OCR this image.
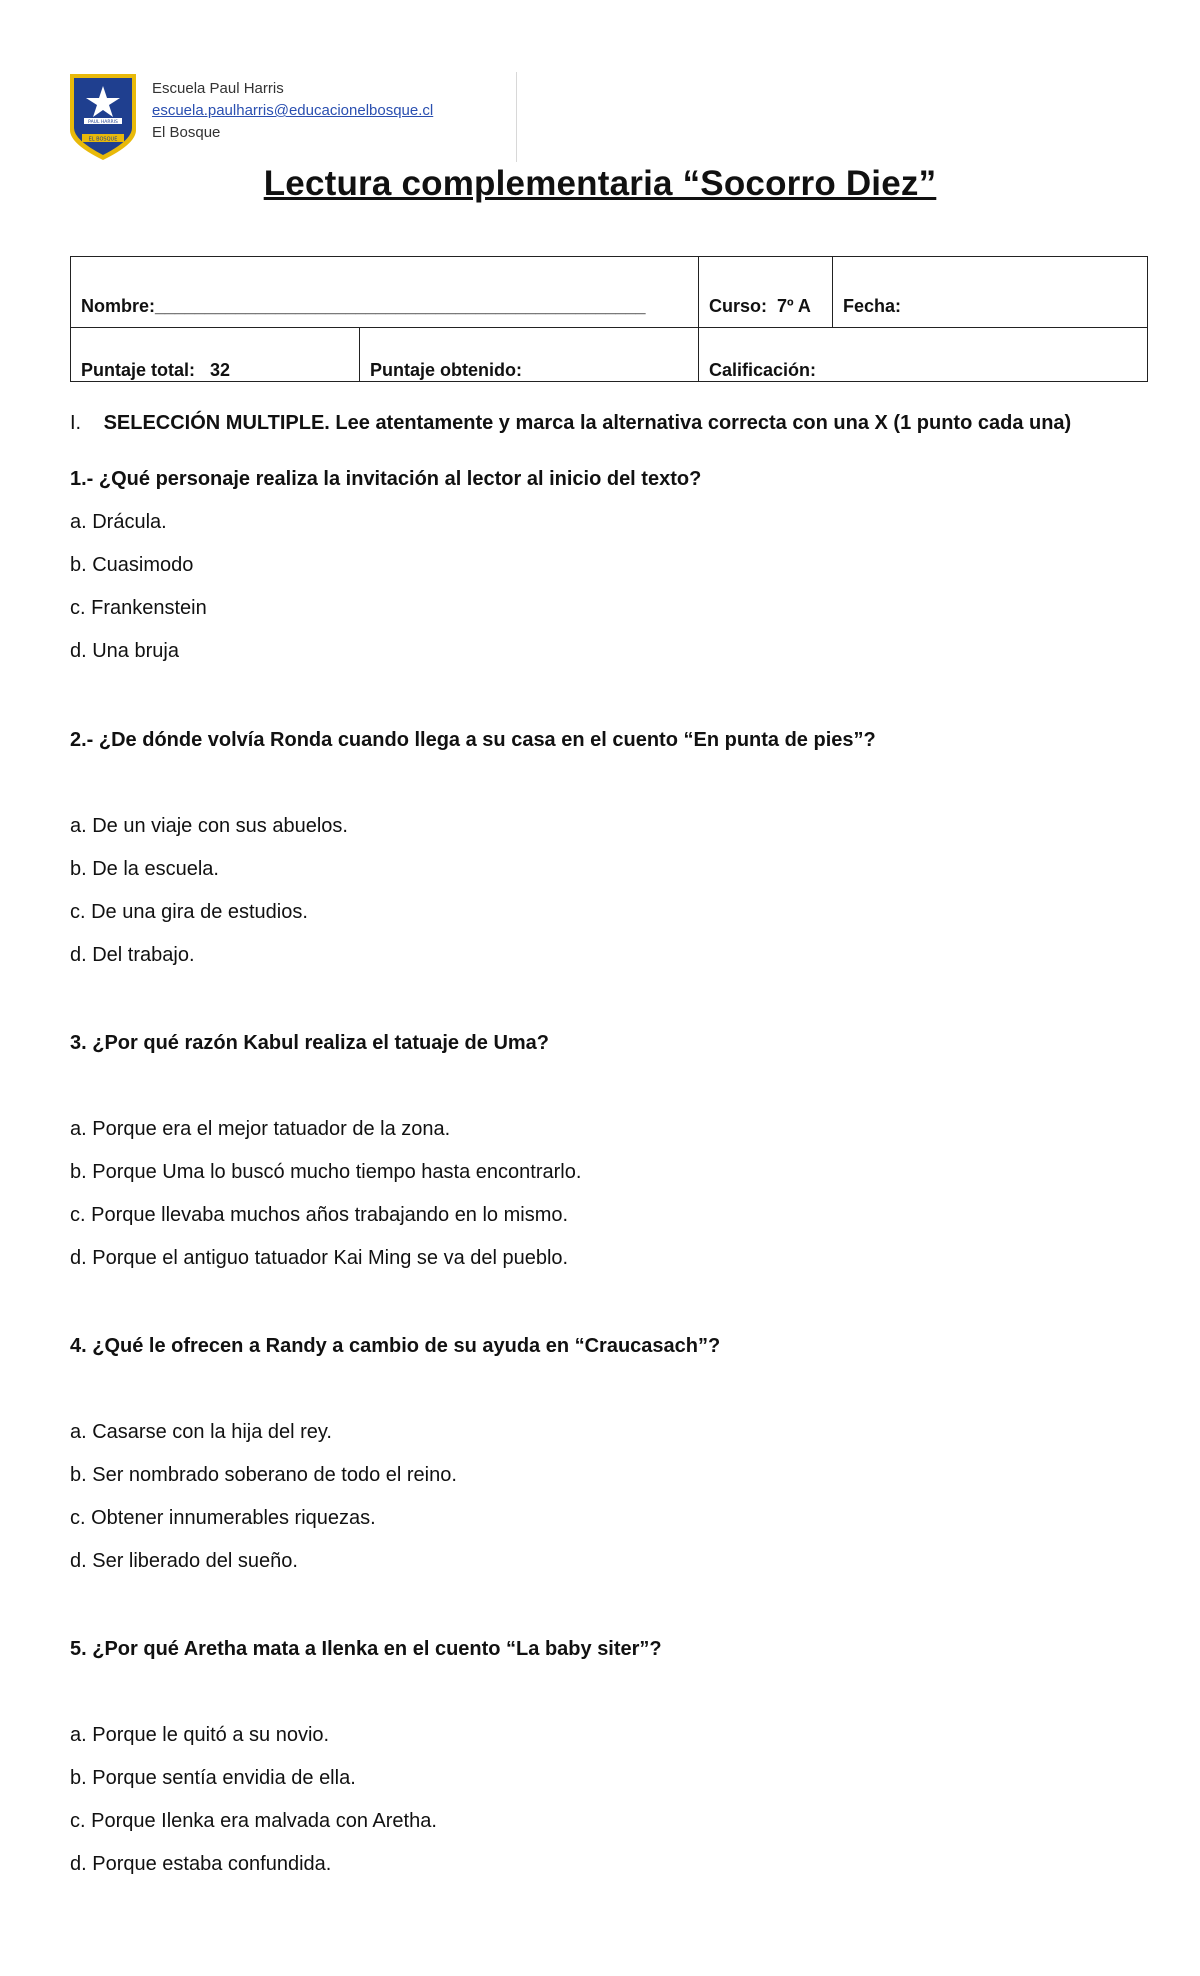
PAUL HARRIS
EL BOSQUE
Escuela Paul Harris
escuela.paulharris@educacionelbosque.cl
El Bosque
Lectura complementaria “Socorro Diez”
Nombre:_________________________________________________		Curso: 7º A	Fecha:
Puntaje total: 32	Puntaje obtenido:	Calificación:	
I. SELECCIÓN MULTIPLE. Lee atentamente y marca la alternativa correcta con una X (1 punto cada una)
1.- ¿Qué personaje realiza la invitación al lector al inicio del texto?
a. Drácula.
b. Cuasimodo
c. Frankenstein
d. Una bruja
2.- ¿De dónde volvía Ronda cuando llega a su casa en el cuento “En punta de pies”?
a. De un viaje con sus abuelos.
b. De la escuela.
c. De una gira de estudios.
d. Del trabajo.
3. ¿Por qué razón Kabul realiza el tatuaje de Uma?
a. Porque era el mejor tatuador de la zona.
b. Porque Uma lo buscó mucho tiempo hasta encontrarlo.
c. Porque llevaba muchos años trabajando en lo mismo.
d. Porque el antiguo tatuador Kai Ming se va del pueblo.
4. ¿Qué le ofrecen a Randy a cambio de su ayuda en “Craucasach”?
a. Casarse con la hija del rey.
b. Ser nombrado soberano de todo el reino.
c. Obtener innumerables riquezas.
d. Ser liberado del sueño.
5. ¿Por qué Aretha mata a Ilenka en el cuento “La baby siter”?
a. Porque le quitó a su novio.
b. Porque sentía envidia de ella.
c. Porque Ilenka era malvada con Aretha.
d. Porque estaba confundida.
